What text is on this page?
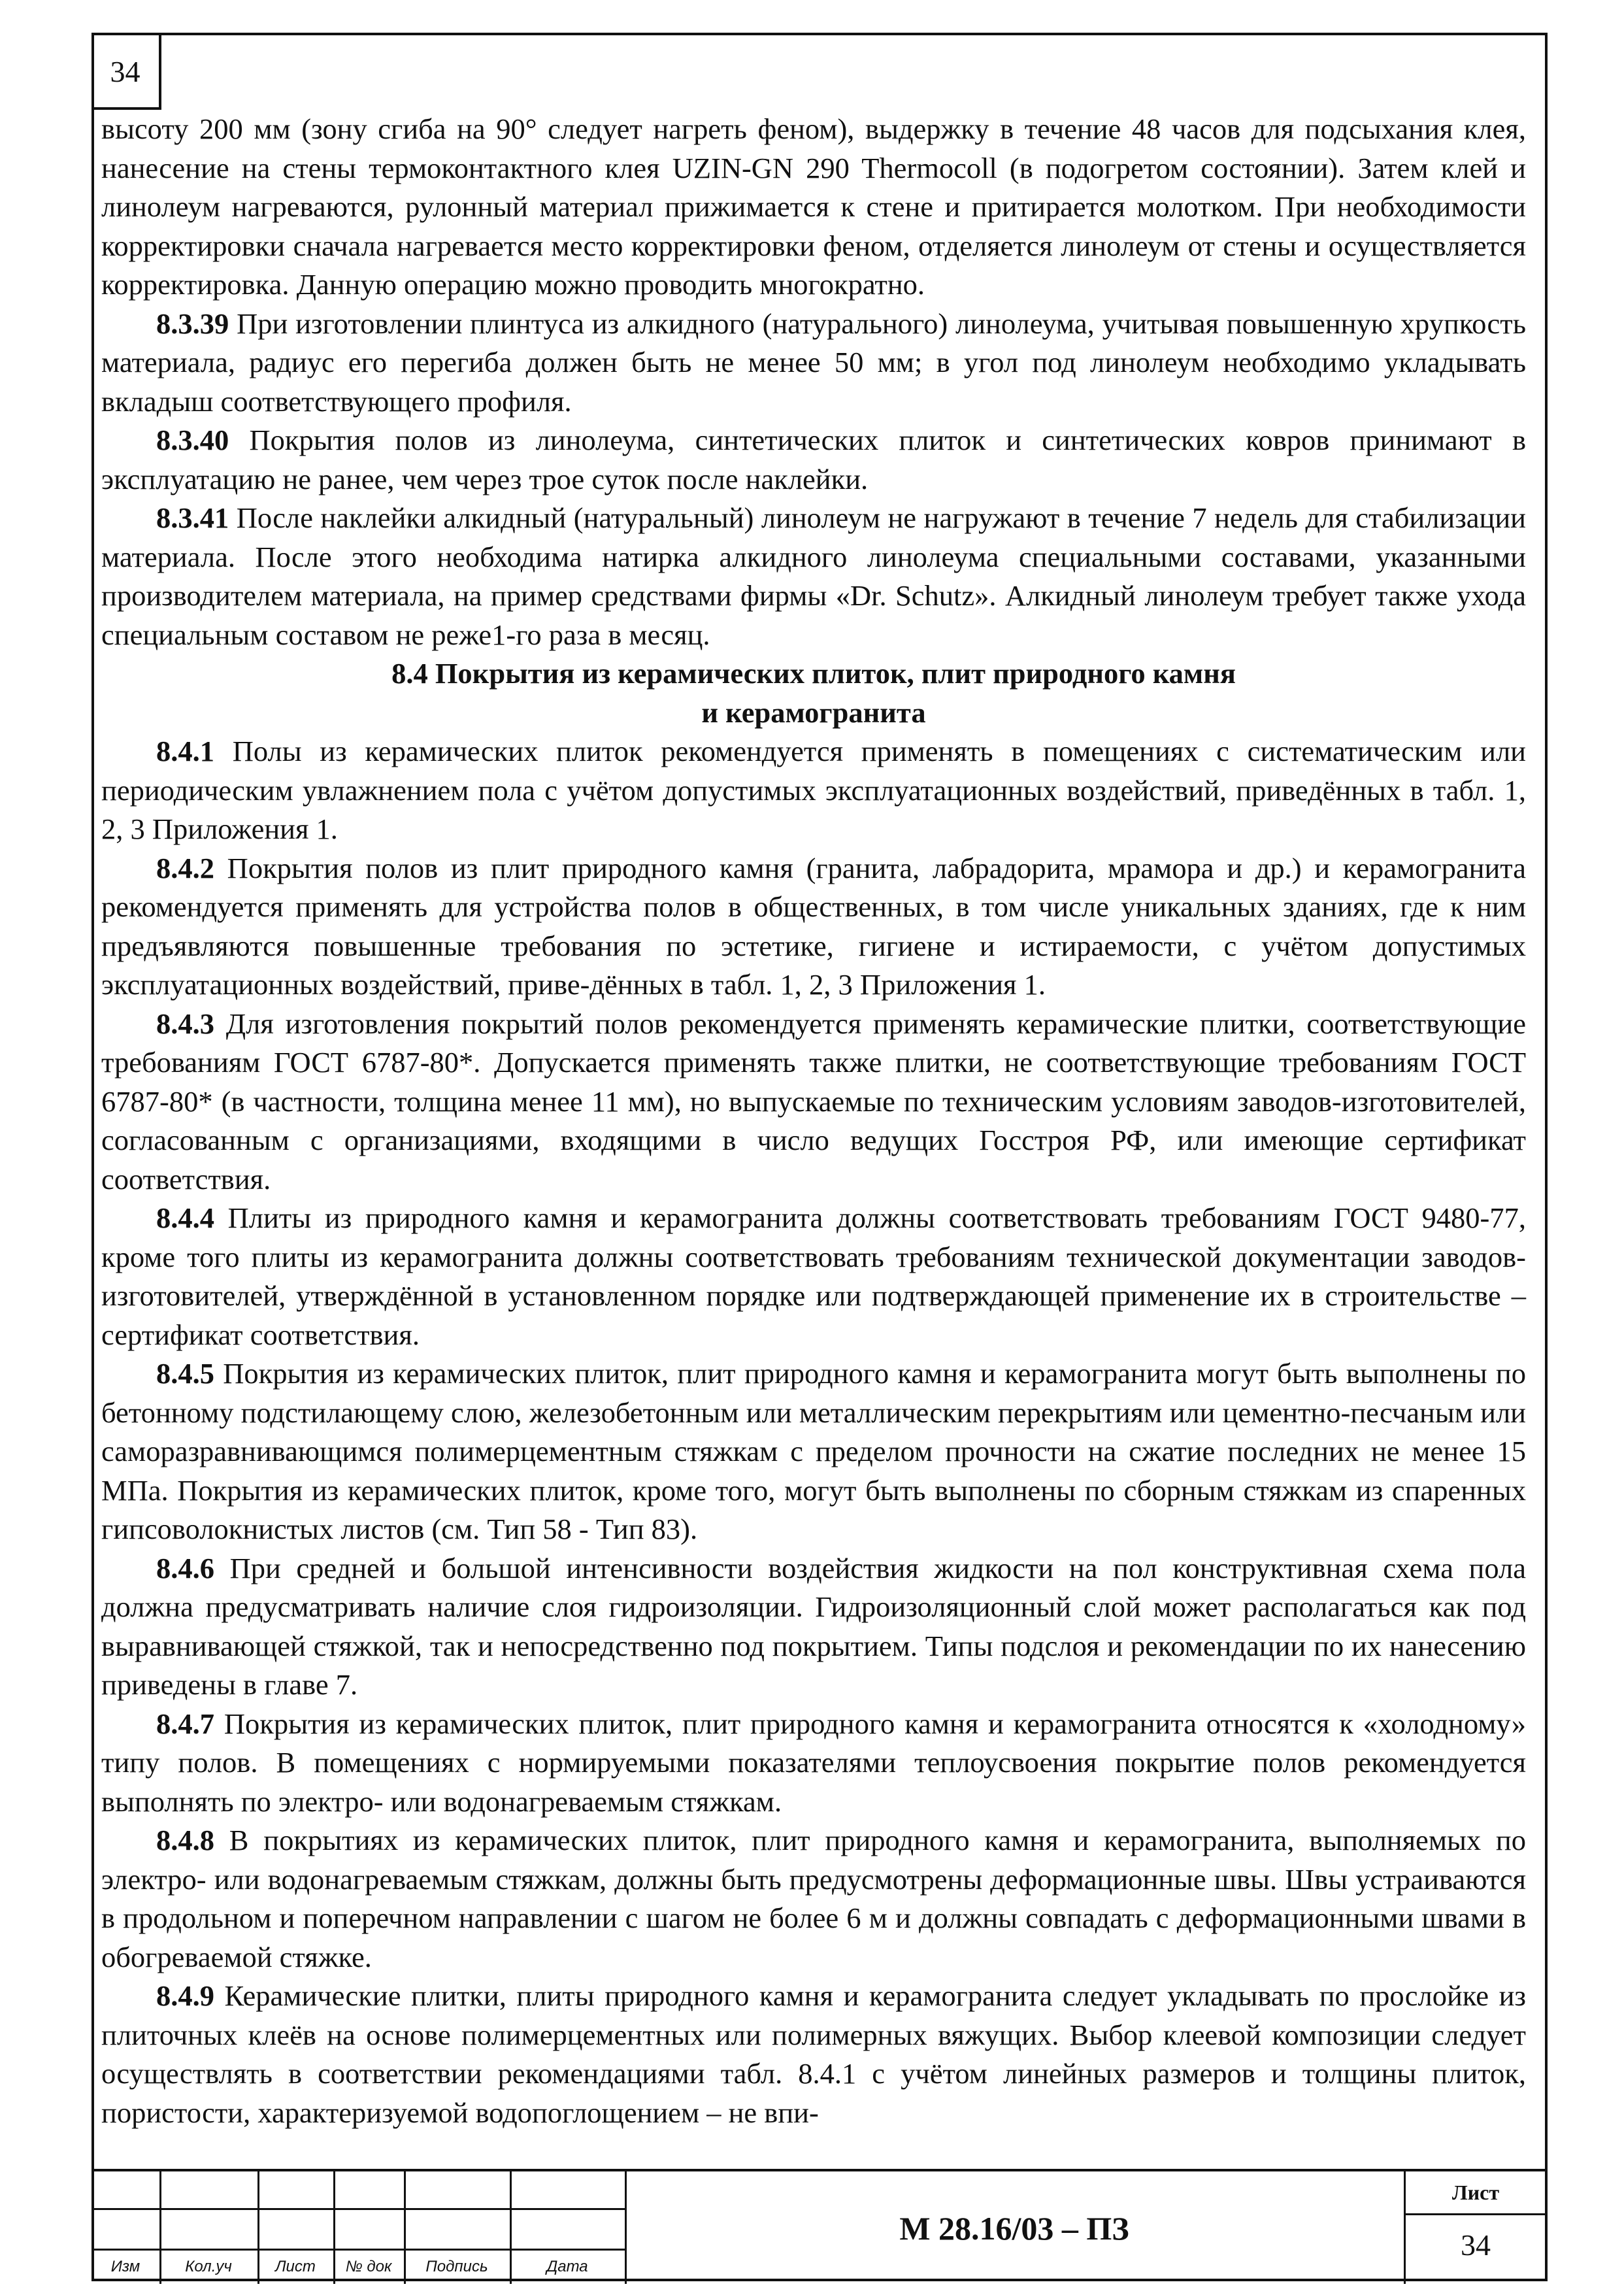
34

высоту 200 мм (зону сгиба на 90° следует нагреть феном), выдержку в течение 48 часов для подсыхания клея, нанесение на стены термоконтактного клея UZIN-GN 290 Thermocoll (в подогретом состоянии). Затем клей и линолеум нагреваются, рулонный материал прижимается к стене и притирается молотком. При необходимости корректировки сначала нагревается место корректировки феном, отделяется линолеум от стены и осуществляется корректировка. Данную операцию можно проводить многократно.

8.3.39 При изготовлении плинтуса из алкидного (натурального) линолеума, учитывая повышенную хрупкость материала, радиус его перегиба должен быть не менее 50 мм; в угол под линолеум необходимо укладывать вкладыш соответствующего профиля.

8.3.40 Покрытия полов из линолеума, синтетических плиток и синтетических ковров принимают в эксплуатацию не ранее, чем через трое суток после наклейки.

8.3.41 После наклейки алкидный (натуральный) линолеум не нагружают в течение 7 недель для стабилизации материала. После этого необходима натирка алкидного линолеума специальными составами, указанными производителем материала, на пример средствами фирмы «Dr. Schutz». Алкидный линолеум требует также ухода специальным составом не реже1-го раза в месяц.

8.4 Покрытия из керамических плиток, плит природного камня

и керамогранита

8.4.1 Полы из керамических плиток рекомендуется применять в помещениях с систематическим или периодическим увлажнением пола с учётом допустимых эксплуатационных воздействий, приведённых в табл. 1, 2, 3 Приложения 1.

8.4.2 Покрытия полов из плит природного камня (гранита, лабрадорита, мрамора и др.) и керамогранита рекомендуется применять для устройства полов в общественных, в том числе уникальных зданиях, где к ним предъявляются повышенные требования по эстетике, гигиене и истираемости, с учётом допустимых эксплуатационных воздействий, приве-дённых в табл. 1, 2, 3 Приложения 1.

8.4.3 Для изготовления покрытий полов рекомендуется применять керамические плитки, соответствующие требованиям ГОСТ 6787-80*. Допускается применять также плитки, не соответствующие требованиям ГОСТ 6787-80* (в частности, толщина менее 11 мм), но выпускаемые по техническим условиям заводов-изготовителей, согласованным с организациями, входящими в число ведущих Госстроя РФ, или имеющие сертификат соответствия.

8.4.4 Плиты из природного камня и керамогранита должны соответствовать требованиям ГОСТ 9480-77, кроме того плиты из керамогранита должны соответствовать требованиям технической документации заводов-изготовителей, утверждённой в установленном порядке или подтверждающей применение их в строительстве – сертификат соответствия.

8.4.5 Покрытия из керамических плиток, плит природного камня и керамогранита могут быть выполнены по бетонному подстилающему слою, железобетонным или металлическим перекрытиям или цементно-песчаным или саморазравнивающимся полимерцементным стяжкам с пределом прочности на сжатие последних не менее 15 МПа. Покрытия из керамических плиток, кроме того, могут быть выполнены по сборным стяжкам из спаренных гипсоволокнистых листов (см. Тип 58 - Тип 83).

8.4.6 При средней и большой интенсивности воздействия жидкости на пол конструктивная схема пола должна предусматривать наличие слоя гидроизоляции. Гидроизоляционный слой может располагаться как под выравнивающей стяжкой, так и непосредственно под покрытием. Типы подслоя и рекомендации по их нанесению приведены в главе 7.

8.4.7 Покрытия из керамических плиток, плит природного камня и керамогранита относятся к «холодному» типу полов. В помещениях с нормируемыми показателями теплоусвоения покрытие полов рекомендуется выполнять по электро- или водонагреваемым стяжкам.

8.4.8 В покрытиях из керамических плиток, плит природного камня и керамогранита, выполняемых по электро- или водонагреваемым стяжкам, должны быть предусмотрены деформационные швы. Швы устраиваются в продольном и поперечном направлении с шагом не более 6 м и должны совпадать с деформационными швами в обогреваемой стяжке.

8.4.9 Керамические плитки, плиты природного камня и керамогранита следует укладывать по прослойке из плиточных клеёв на основе полимерцементных или полимерных вяжущих. Выбор клеевой композиции следует осуществлять в соответствии рекомендациями табл. 8.4.1 с учётом линейных размеров и толщины плиток, пористости, характеризуемой водопоглощением – не впи-

Изм	Кол.уч	Лист	№ док	Подпись	Дата
М 28.16/03 – ПЗ
Лист
34
